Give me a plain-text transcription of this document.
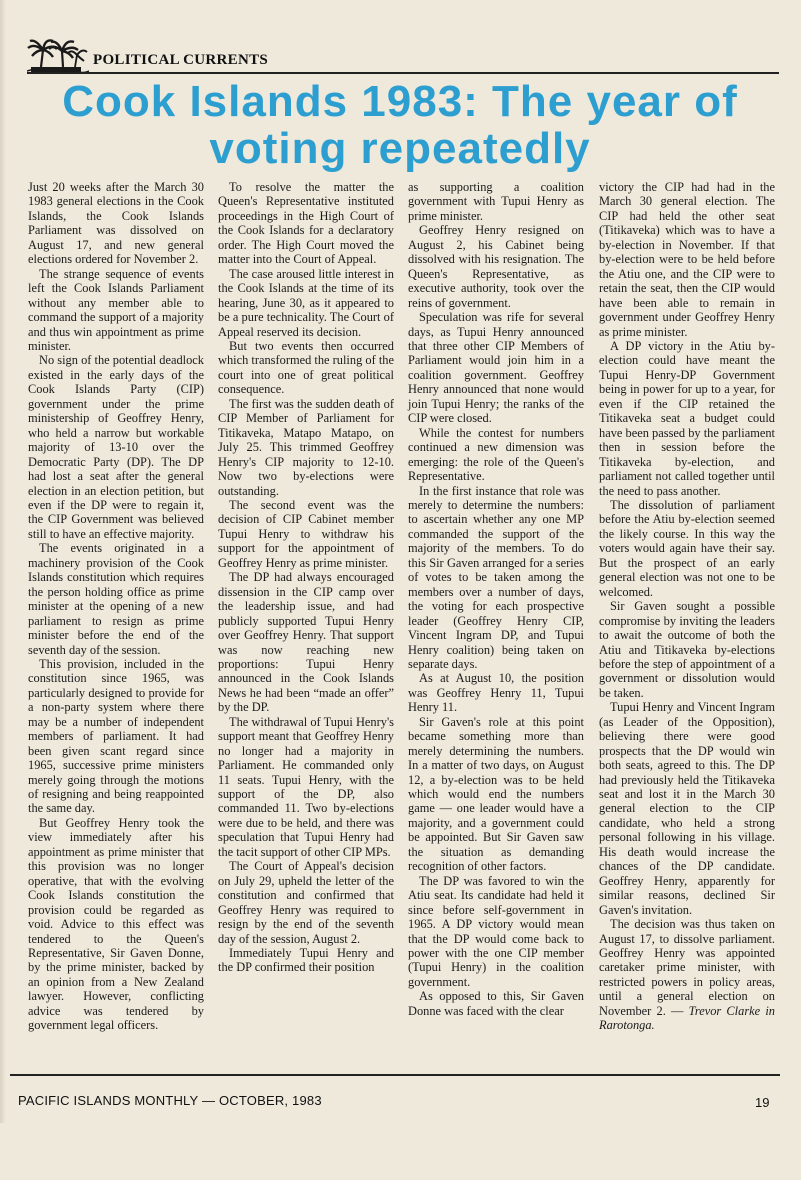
POLITICAL CURRENTS
Cook Islands 1983: The year of voting repeatedly

Just 20 weeks after the March 30 1983 general elections in the Cook Islands, the Cook Islands Parliament was dissolved on August 17, and new general elections ordered for November 2.

The strange sequence of events left the Cook Islands Parliament without any member able to command the support of a majority and thus win appointment as prime minister.

No sign of the potential deadlock existed in the early days of the Cook Islands Party (CIP) government under the prime ministership of Geoffrey Henry, who held a narrow but workable majority of 13-10 over the Democratic Party (DP). The DP had lost a seat after the general election in an election petition, but even if the DP were to regain it, the CIP Government was believed still to have an effective majority.

The events originated in a machinery provision of the Cook Islands constitution which requires the person holding office as prime minister at the opening of a new parliament to resign as prime minister before the end of the seventh day of the session.

This provision, included in the constitution since 1965, was particularly designed to provide for a non-party system where there may be a number of independent members of parliament. It had been given scant regard since 1965, successive prime ministers merely going through the motions of resigning and being reappointed the same day.

But Geoffrey Henry took the view immediately after his appointment as prime minister that this provision was no longer operative, that with the evolving Cook Islands constitution the provision could be regarded as void. Advice to this effect was tendered to the Queen's Representative, Sir Gaven Donne, by the prime minister, backed by an opinion from a New Zealand lawyer. However, conflicting advice was tendered by government legal officers.

To resolve the matter the Queen's Representative instituted proceedings in the High Court of the Cook Islands for a declaratory order. The High Court moved the matter into the Court of Appeal.

The case aroused little interest in the Cook Islands at the time of its hearing, June 30, as it appeared to be a pure technicality. The Court of Appeal reserved its decision.

But two events then occurred which transformed the ruling of the court into one of great political consequence.

The first was the sudden death of CIP Member of Parliament for Titikaveka, Matapo Matapo, on July 25. This trimmed Geoffrey Henry's CIP majority to 12-10. Now two by-elections were outstanding.

The second event was the decision of CIP Cabinet member Tupui Henry to withdraw his support for the appointment of Geoffrey Henry as prime minister.

The DP had always encouraged dissension in the CIP camp over the leadership issue, and had publicly supported Tupui Henry over Geoffrey Henry. That support was now reaching new proportions: Tupui Henry announced in the Cook Islands News he had been “made an offer” by the DP.

The withdrawal of Tupui Henry's support meant that Geoffrey Henry no longer had a majority in Parliament. He commanded only 11 seats. Tupui Henry, with the support of the DP, also commanded 11. Two by-elections were due to be held, and there was speculation that Tupui Henry had the tacit support of other CIP MPs.

The Court of Appeal's decision on July 29, upheld the letter of the constitution and confirmed that Geoffrey Henry was required to resign by the end of the seventh day of the session, August 2.

Immediately Tupui Henry and the DP confirmed their position

as supporting a coalition government with Tupui Henry as prime minister.

Geoffrey Henry resigned on August 2, his Cabinet being dissolved with his resignation. The Queen's Representative, as executive authority, took over the reins of government.

Speculation was rife for several days, as Tupui Henry announced that three other CIP Members of Parliament would join him in a coalition government. Geoffrey Henry announced that none would join Tupui Henry; the ranks of the CIP were closed.

While the contest for numbers continued a new dimension was emerging: the role of the Queen's Representative.

In the first instance that role was merely to determine the numbers: to ascertain whether any one MP commanded the support of the majority of the members. To do this Sir Gaven arranged for a series of votes to be taken among the members over a number of days, the voting for each prospective leader (Geoffrey Henry CIP, Vincent Ingram DP, and Tupui Henry coalition) being taken on separate days.

As at August 10, the position was Geoffrey Henry 11, Tupui Henry 11.

Sir Gaven's role at this point became something more than merely determining the numbers. In a matter of two days, on August 12, a by-election was to be held which would end the numbers game — one leader would have a majority, and a government could be appointed. But Sir Gaven saw the situation as demanding recognition of other factors.

The DP was favored to win the Atiu seat. Its candidate had held it since before self-government in 1965. A DP victory would mean that the DP would come back to power with the one CIP member (Tupui Henry) in the coalition government.

As opposed to this, Sir Gaven Donne was faced with the clear

victory the CIP had had in the March 30 general election. The CIP had held the other seat (Titikaveka) which was to have a by-election in November. If that by-election were to be held before the Atiu one, and the CIP were to retain the seat, then the CIP would have been able to remain in government under Geoffrey Henry as prime minister.

A DP victory in the Atiu by-election could have meant the Tupui Henry-DP Government being in power for up to a year, for even if the CIP retained the Titikaveka seat a budget could have been passed by the parliament then in session before the Titikaveka by-election, and parliament not called together until the need to pass another.

The dissolution of parliament before the Atiu by-election seemed the likely course. In this way the voters would again have their say. But the prospect of an early general election was not one to be welcomed.

Sir Gaven sought a possible compromise by inviting the leaders to await the outcome of both the Atiu and Titikaveka by-elections before the step of appointment of a government or dissolution would be taken.

Tupui Henry and Vincent Ingram (as Leader of the Opposition), believing there were good prospects that the DP would win both seats, agreed to this. The DP had previously held the Titikaveka seat and lost it in the March 30 general election to the CIP candidate, who held a strong personal following in his village. His death would increase the chances of the DP candidate. Geoffrey Henry, apparently for similar reasons, declined Sir Gaven's invitation.

The decision was thus taken on August 17, to dissolve parliament. Geoffrey Henry was appointed caretaker prime minister, with restricted powers in policy areas, until a general election on November 2. — Trevor Clarke in Rarotonga.

PACIFIC ISLANDS MONTHLY — OCTOBER, 1983	19
